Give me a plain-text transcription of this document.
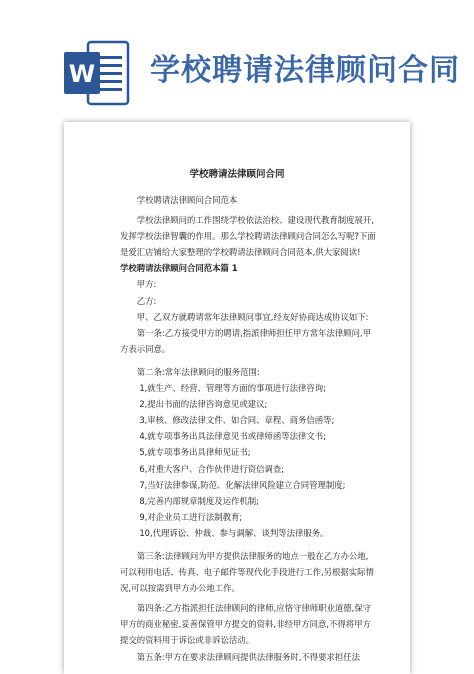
W 学校聘请法律顾问合同
学校聘请法律顾问合同

学校聘请法律顾问合同范本

学校法律顾问的工作围绕学校依法治校、建设现代教育制度展开,发挥学校法律智囊的作用。那么学校聘请法律顾问合同怎么写呢?下面是爱汇店铺给大家整理的学校聘请法律顾问合同范本,供大家阅读!

学校聘请法律顾问合同范本篇 1

甲方:

乙方:

甲、乙双方就聘请常年法律顾问事宜,经友好协商达成协议如下:

第一条:乙方接受甲方的聘请,指派律师担任甲方常年法律顾问,甲方表示同意。

第二条:常年法律顾问的服务范围:

1,就生产、经营、管理等方面的事项进行法律咨询;

2,提出书面的法律咨询意见或建议;

3,审核、修改法律文件、如合同、章程、商务信函等;

4,就专项事务出具法律意见书或律师函等法律文书;

5,就专项事务出具律师见证书;

6,对重大客户、合作伙伴进行资信调查;

7,当好法律参谋,防范、化解法律风险建立合同管理制度;

8,完善内部规章制度及运作机制;

9,对企业员工进行法制教育;

10,代理诉讼、仲裁、参与调解、谈判等法律服务。

第三条:法律顾问为甲方提供法律服务的地点一般在乙方办公地,可以利用电话、传真、电子邮件等现代化手段进行工作,另根据实际情况,可以按需到甲方办公地工作。

第四条:乙方指派担任法律顾问的律师,应恪守律师职业道德,保守甲方的商业秘密,妥善保管甲方提交的资料,非经甲方同意,不得将甲方提交的资料用于诉讼或非诉讼活动。

第五条:甲方在要求法律顾问提供法律服务时,不得要求担任法
